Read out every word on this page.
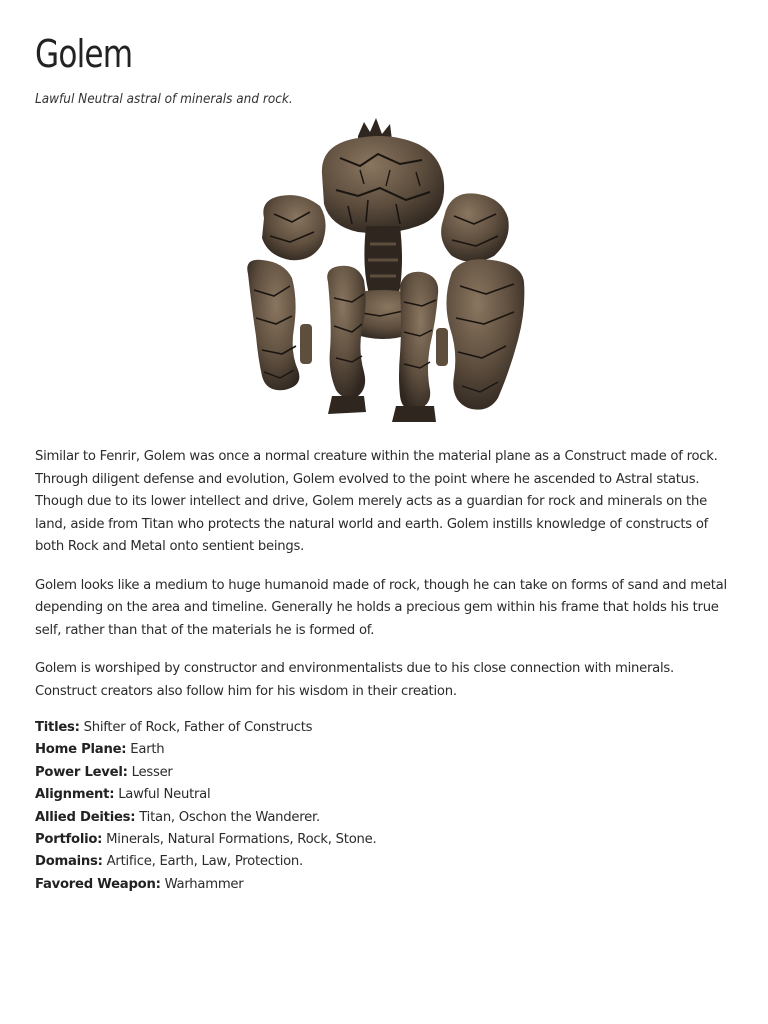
Golem
Lawful Neutral astral of minerals and rock.

Similar to Fenrir, Golem was once a normal creature within the material plane as a Construct made of rock. Through diligent defense and evolution, Golem evolved to the point where he ascended to Astral status. Though due to its lower intellect and drive, Golem merely acts as a guardian for rock and minerals on the land, aside from Titan who protects the natural world and earth. Golem instills knowledge of constructs of both Rock and Metal onto sentient beings.

Golem looks like a medium to huge humanoid made of rock, though he can take on forms of sand and metal depending on the area and timeline. Generally he holds a precious gem within his frame that holds his true self, rather than that of the materials he is formed of.

Golem is worshiped by constructor and environmentalists due to his close connection with minerals. Construct creators also follow him for his wisdom in their creation.

Titles: Shifter of Rock, Father of Constructs
Home Plane: Earth
Power Level: Lesser
Alignment: Lawful Neutral
Allied Deities: Titan, Oschon the Wanderer.
Portfolio: Minerals, Natural Formations, Rock, Stone.
Domains: Artifice, Earth, Law, Protection.
Favored Weapon: Warhammer
